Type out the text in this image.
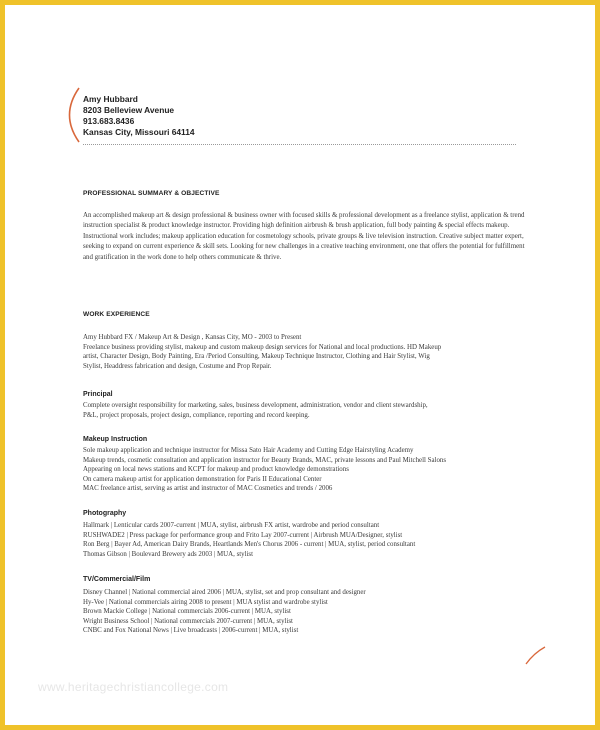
Amy Hubbard
8203 Belleview Avenue
913.683.8436
Kansas City, Missouri 64114
PROFESSIONAL SUMMARY & OBJECTIVE
An accomplished makeup art & design professional & business owner with focused skills & professional development as a freelance stylist, application & trend instruction specialist & product knowledge instructor. Providing high definition airbrush & brush application, full body painting & special effects makeup. Instructional work includes; makeup application education for cosmetology schools, private groups & live television instruction. Creative subject matter expert, seeking to expand on current experience & skill sets. Looking for new challenges in a creative teaching environment, one that offers the potential for fulfillment and gratification in the work done to help others communicate & thrive.
WORK EXPERIENCE
Amy Hubbard FX / Makeup Art & Design , Kansas City, MO - 2003 to Present
Freelance business providing stylist, makeup and custom makeup design services for National and local productions. HD Makeup
artist, Character Design, Body Painting, Era /Period Consulting, Makeup Technique Instructor, Clothing and Hair Stylist, Wig
Stylist, Headdress fabrication and design, Costume and Prop Repair.
Principal
Complete oversight responsibility for marketing, sales, business development, administration, vendor and client stewardship,
P&L, project proposals, project design, compliance, reporting and record keeping.
Makeup Instruction
Sole makeup application and technique instructor for Missa Sato Hair Academy and Cutting Edge Hairstyling Academy
Makeup trends, cosmetic consultation and application instructor for Beauty Brands, MAC, private lessons and Paul Mitchell Salons
Appearing on local news stations and KCPT for makeup and product knowledge demonstrations
On camera makeup artist for application demonstration for Paris II Educational Center
MAC freelance artist, serving as artist and instructor of MAC Cosmetics and trends / 2006
Photography
Hallmark | Lenticular cards 2007-current | MUA, stylist, airbrush FX artist, wardrobe and period consultant
RUSHWADE2 | Press package for performance group and Frito Lay 2007-current | Airbrush MUA/Designer, stylist
Ron Berg | Bayer Ad, American Dairy Brands, Heartlands Men's Chorus 2006 - current | MUA, stylist, period consultant
Thomas Gibson | Boulevard Brewery ads 2003 | MUA, stylist
TV/Commercial/Film
Disney Channel | National commercial aired 2006 | MUA, stylist, set and prop consultant and designer
Hy-Vee | National commercials airing 2008 to present | MUA stylist and wardrobe stylist
Brown Mackie College | National commercials 2006-current | MUA, stylist
Wright Business School | National commercials 2007-current | MUA, stylist
CNBC and Fox National News | Live broadcasts | 2006-current | MUA, stylist
www.heritagechristiancollege.com
